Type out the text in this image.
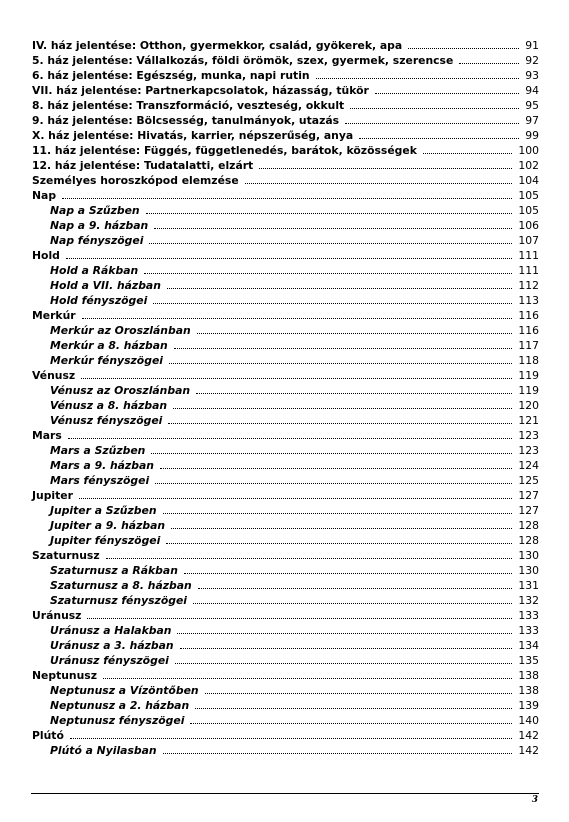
IV. ház jelentése: Otthon, gyermekkor, család, gyökerek, apa	91
5. ház jelentése: Vállalkozás, földi örömök, szex, gyermek, szerencse	92
6. ház jelentése: Egészség, munka, napi rutin	93
VII. ház jelentése: Partnerkapcsolatok, házasság, tükör	94
8. ház jelentése: Transzformáció, veszteség, okkult	95
9. ház jelentése: Bölcsesség, tanulmányok, utazás	97
X. ház jelentése: Hivatás, karrier, népszerűség, anya	99
11. ház jelentése: Függés, függetlenedés, barátok, közösségek	100
12. ház jelentése: Tudatalatti, elzárt	102
Személyes horoszkópod elemzése	104
Nap	105
Nap a Szűzben	105
Nap a 9. házban	106
Nap fényszögei	107
Hold	111
Hold a Rákban	111
Hold a VII. házban	112
Hold fényszögei	113
Merkúr	116
Merkúr az Oroszlánban	116
Merkúr a 8. házban	117
Merkúr fényszögei	118
Vénusz	119
Vénusz az Oroszlánban	119
Vénusz a 8. házban	120
Vénusz fényszögei	121
Mars	123
Mars a Szűzben	123
Mars a 9. házban	124
Mars fényszögei	125
Jupiter	127
Jupiter a Szűzben	127
Jupiter a 9. házban	128
Jupiter fényszögei	128
Szaturnusz	130
Szaturnusz a Rákban	130
Szaturnusz a 8. házban	131
Szaturnusz fényszögei	132
Uránusz	133
Uránusz a Halakban	133
Uránusz a 3. házban	134
Uránusz fényszögei	135
Neptunusz	138
Neptunusz a Vízöntőben	138
Neptunusz a 2. házban	139
Neptunusz fényszögei	140
Plútó	142
Plútó a Nyilasban	142
3
